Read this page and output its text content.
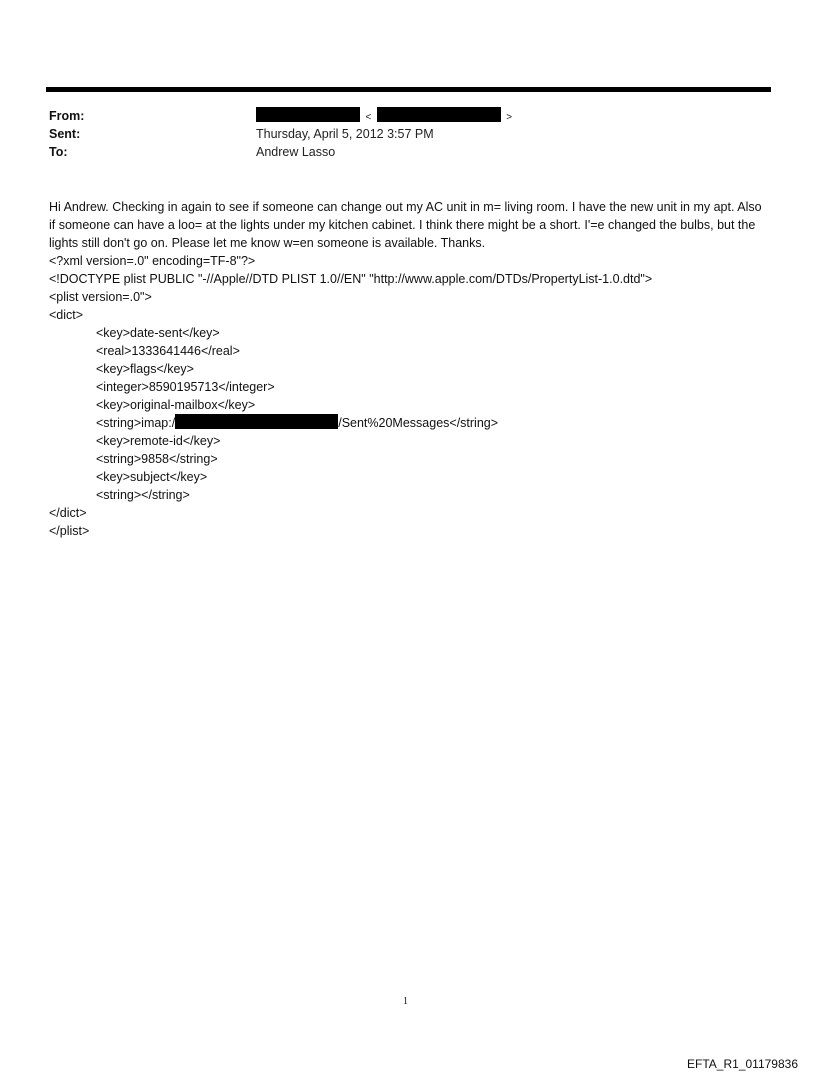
From:	<	>
Sent:	Thursday, April 5, 2012 3:57 PM
To:	Andrew Lasso

Hi Andrew. Checking in again to see if someone can change out my AC unit in m= living room. I have the new unit in my apt. Also if someone can have a loo= at the lights under my kitchen cabinet. I think there might be a short. I'=e changed the bulbs, but the lights still don't go on. Please let me know w=en someone is available. Thanks.

<?xml version=.0" encoding=TF-8"?>
<!DOCTYPE plist PUBLIC "-//Apple//DTD PLIST 1.0//EN" "http://www.apple.com/DTDs/PropertyList-1.0.dtd">
<plist version=.0">
<dict>
<key>date-sent</key>
<real>1333641446</real>
<key>flags</key>
<integer>8590195713</integer>
<key>original-mailbox</key>
<string>imap:/	/Sent%20Messages</string>
<key>remote-id</key>
<string>9858</string>
<key>subject</key>
<string></string>
</dict>
</plist>
1
EFTA_R1_01179836
